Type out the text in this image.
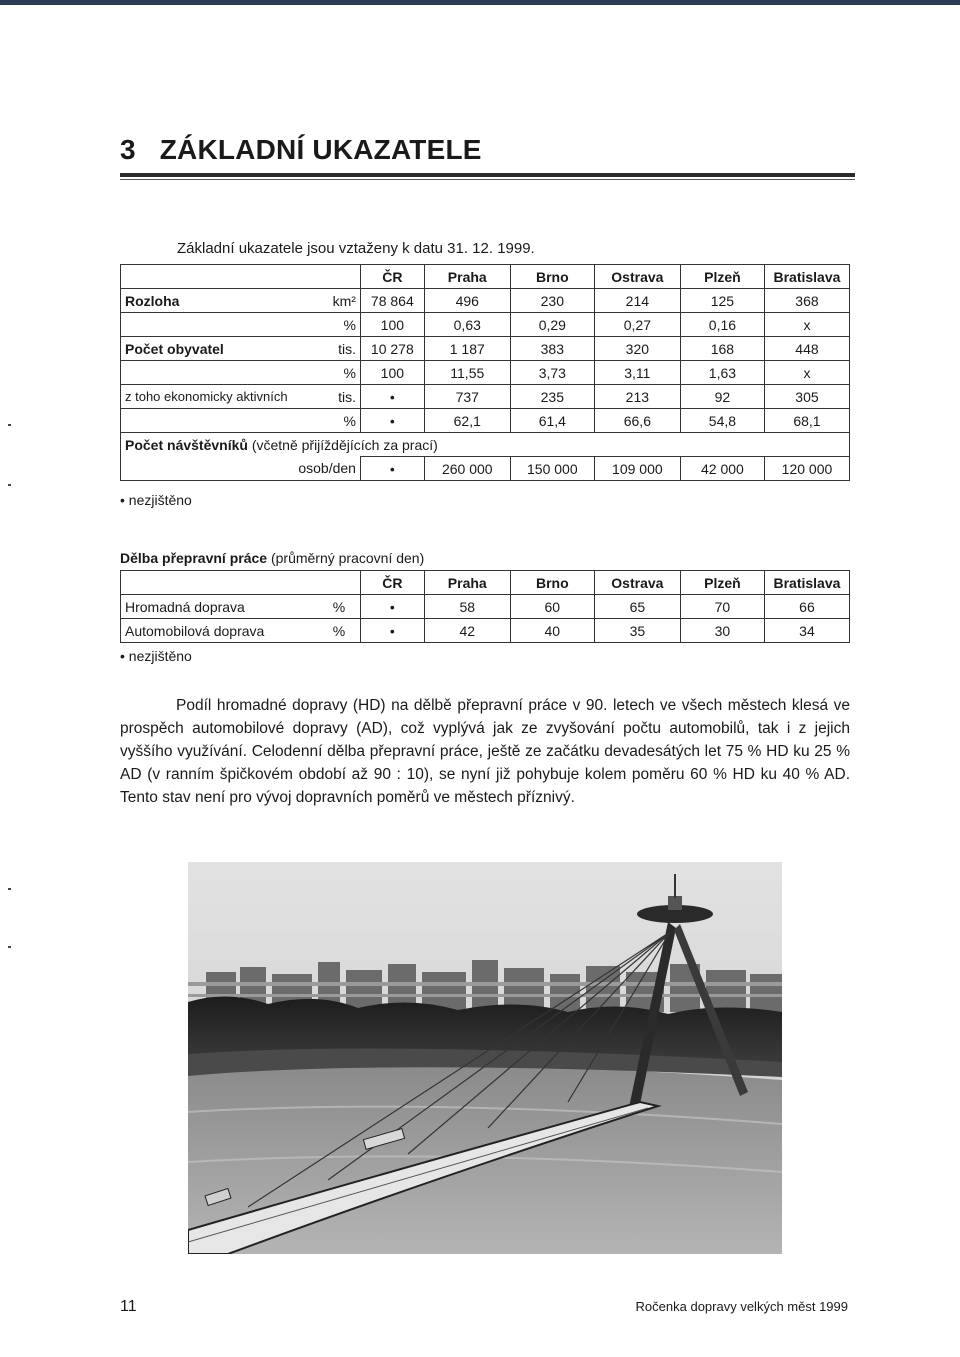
3 ZÁKLADNÍ UKAZATELE
Základní ukazatele jsou vztaženy k datu 31. 12. 1999.
		ČR	Praha	Brno	Ostrava	Plzeň	Bratislava
Rozloha	km²	78 864	496	230	214	125	368
	%	100	0,63	0,29	0,27	0,16	x
Počet obyvatel	tis.	10 278	1 187	383	320	168	448
	%	100	11,55	3,73	3,11	1,63	x
z toho ekonomicky aktivních	tis.	•	737	235	213	92	305
	%	•	62,1	61,4	66,6	54,8	68,1
Počet návštěvníků (včetně přijíždějících za prací)							
osob/den		•	260 000	150 000	109 000	42 000	120 000
• nezjištěno
Dělba přepravní práce (průměrný pracovní den)
		ČR	Praha	Brno	Ostrava	Plzeň	Bratislava
Hromadná doprava	%	•	58	60	65	70	66
Automobilová doprava	%	•	42	40	35	30	34
• nezjištěno

Podíl hromadné dopravy (HD) na dělbě přepravní práce v 90. letech ve všech městech klesá ve prospěch automobilové dopravy (AD), což vyplývá jak ze zvyšování počtu automobilů, tak i z jejich vyššího využívání. Celodenní dělba přepravní práce, ještě ze začátku devadesátých let 75 % HD ku 25 % AD (v ranním špičkovém období až 90 : 10), se nyní již pohybuje kolem poměru 60 % HD ku 40 % AD. Tento stav není pro vývoj dopravních poměrů ve městech příznivý.

11	Ročenka dopravy velkých měst 1999
